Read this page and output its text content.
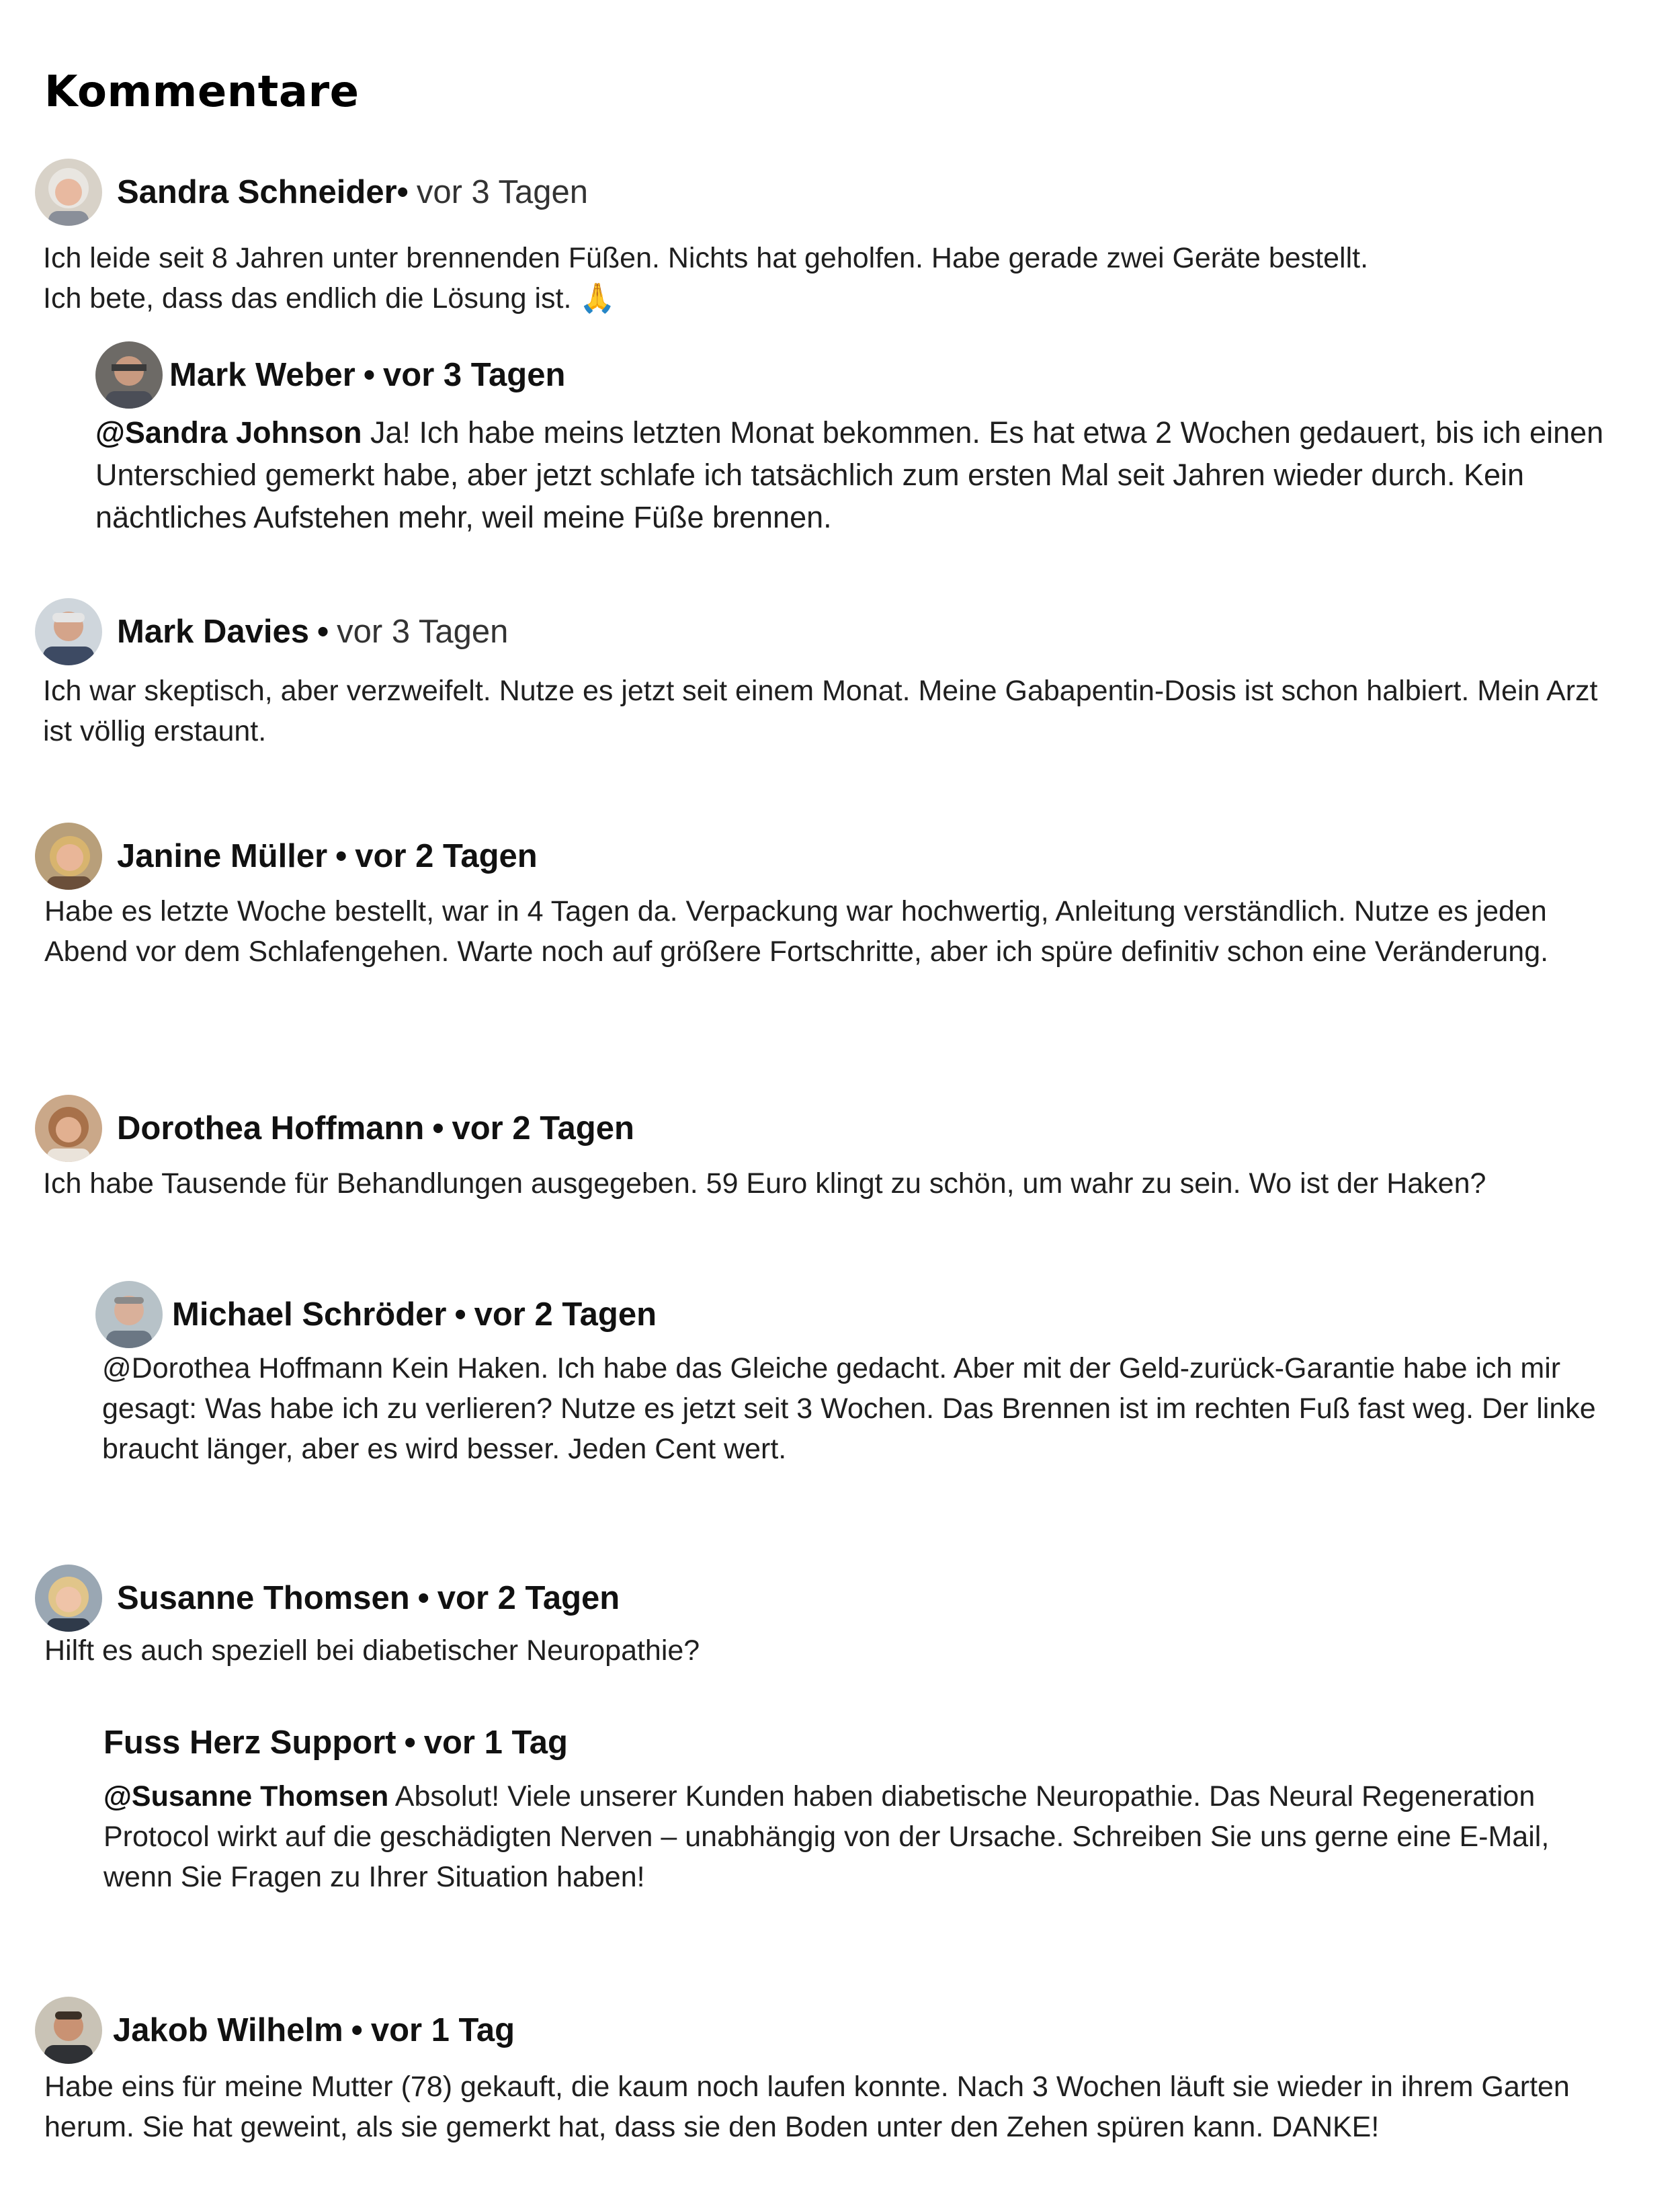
Kommentare
Sandra Schneider • vor 3 Tagen

Ich leide seit 8 Jahren unter brennenden Füßen. Nichts hat geholfen. Habe gerade zwei Geräte bestellt.
Ich bete, dass das endlich die Lösung ist. 🙏

Mark Weber • vor 3 Tagen

@Sandra Johnson Ja! Ich habe meins letzten Monat bekommen. Es hat etwa 2 Wochen gedauert, bis ich einen Unterschied gemerkt habe, aber jetzt schlafe ich tatsächlich zum ersten Mal seit Jahren wieder durch. Kein nächtliches Aufstehen mehr, weil meine Füße brennen.

Mark Davies • vor 3 Tagen

Ich war skeptisch, aber verzweifelt. Nutze es jetzt seit einem Monat. Meine Gabapentin-Dosis ist schon halbiert. Mein Arzt ist völlig erstaunt.

Janine Müller • vor 2 Tagen

Habe es letzte Woche bestellt, war in 4 Tagen da. Verpackung war hochwertig, Anleitung verständlich. Nutze es jeden Abend vor dem Schlafengehen. Warte noch auf größere Fortschritte, aber ich spüre definitiv schon eine Veränderung.

Dorothea Hoffmann • vor 2 Tagen

Ich habe Tausende für Behandlungen ausgegeben. 59 Euro klingt zu schön, um wahr zu sein. Wo ist der Haken?

Michael Schröder • vor 2 Tagen

@Dorothea Hoffmann Kein Haken. Ich habe das Gleiche gedacht. Aber mit der Geld-zurück-Garantie habe ich mir gesagt: Was habe ich zu verlieren? Nutze es jetzt seit 3 Wochen. Das Brennen ist im rechten Fuß fast weg. Der linke braucht länger, aber es wird besser. Jeden Cent wert.

Susanne Thomsen • vor 2 Tagen

Hilft es auch speziell bei diabetischer Neuropathie?

Fuss Herz Support • vor 1 Tag

@Susanne Thomsen Absolut! Viele unserer Kunden haben diabetische Neuropathie. Das Neural Regeneration Protocol wirkt auf die geschädigten Nerven – unabhängig von der Ursache. Schreiben Sie uns gerne eine E-Mail, wenn Sie Fragen zu Ihrer Situation haben!

Jakob Wilhelm • vor 1 Tag

Habe eins für meine Mutter (78) gekauft, die kaum noch laufen konnte. Nach 3 Wochen läuft sie wieder in ihrem Garten herum. Sie hat geweint, als sie gemerkt hat, dass sie den Boden unter den Zehen spüren kann. DANKE!
